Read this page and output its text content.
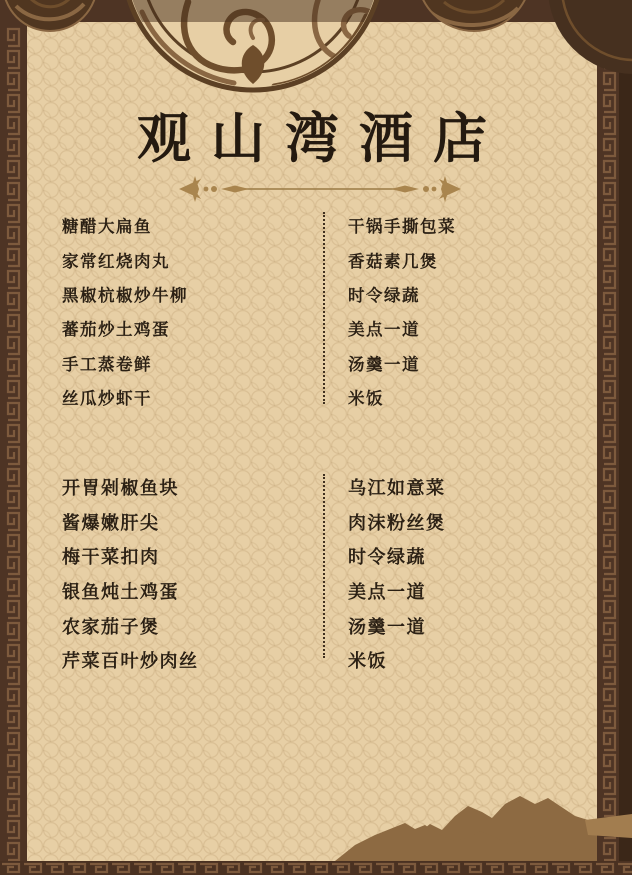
观山湾酒店
糖醋大扁鱼
家常红烧肉丸
黑椒杭椒炒牛柳
蕃茄炒土鸡蛋
手工蒸卷鲜
丝瓜炒虾干
干锅手撕包菜
香菇素几煲
时令绿蔬
美点一道
汤羹一道
米饭
开胃剁椒鱼块
酱爆嫩肝尖
梅干菜扣肉
银鱼炖土鸡蛋
农家茄子煲
芹菜百叶炒肉丝
乌江如意菜
肉沫粉丝煲
时令绿蔬
美点一道
汤羹一道
米饭
